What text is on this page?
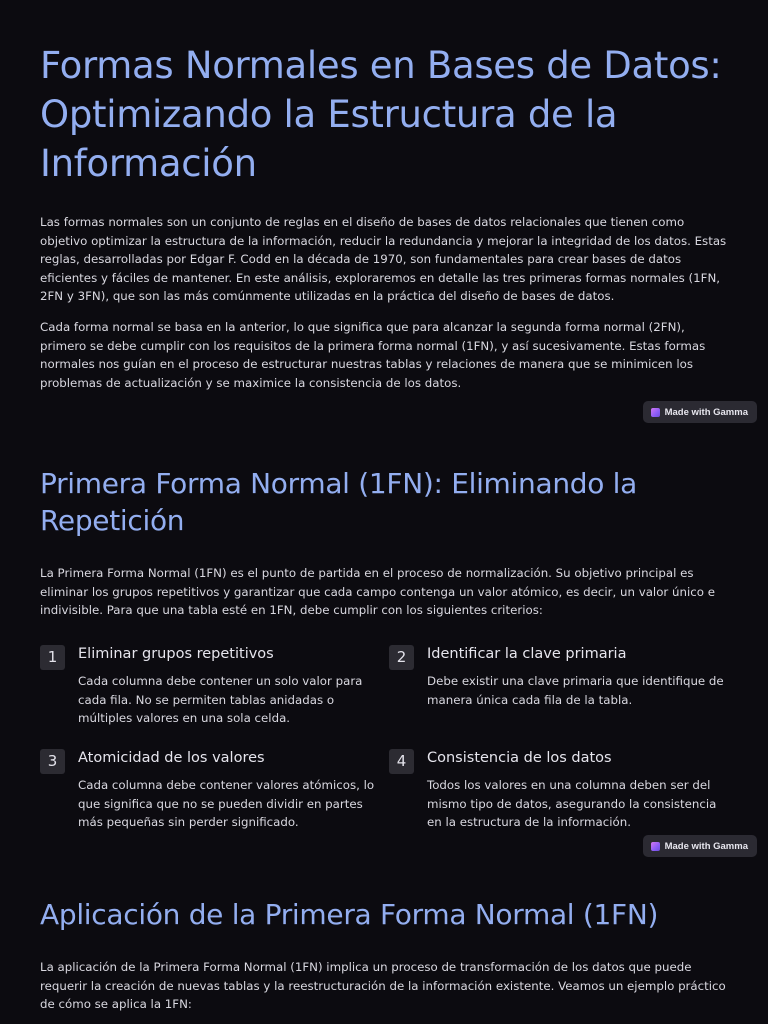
Formas Normales en Bases de Datos: Optimizando la Estructura de la Información

Las formas normales son un conjunto de reglas en el diseño de bases de datos relacionales que tienen como objetivo optimizar la estructura de la información, reducir la redundancia y mejorar la integridad de los datos. Estas reglas, desarrolladas por Edgar F. Codd en la década de 1970, son fundamentales para crear bases de datos eficientes y fáciles de mantener. En este análisis, exploraremos en detalle las tres primeras formas normales (1FN, 2FN y 3FN), que son las más comúnmente utilizadas en la práctica del diseño de bases de datos.

Cada forma normal se basa en la anterior, lo que significa que para alcanzar la segunda forma normal (2FN), primero se debe cumplir con los requisitos de la primera forma normal (1FN), y así sucesivamente. Estas formas normales nos guían en el proceso de estructurar nuestras tablas y relaciones de manera que se minimicen los problemas de actualización y se maximice la consistencia de los datos.

Made with Gamma
Primera Forma Normal (1FN): Eliminando la Repetición

La Primera Forma Normal (1FN) es el punto de partida en el proceso de normalización. Su objetivo principal es eliminar los grupos repetitivos y garantizar que cada campo contenga un valor atómico, es decir, un valor único e indivisible. Para que una tabla esté en 1FN, debe cumplir con los siguientes criterios:

1	Eliminar grupos repetitivos

Cada columna debe contener un solo valor para cada fila. No se permiten tablas anidadas o múltiples valores en una sola celda.

2	Identificar la clave primaria

Debe existir una clave primaria que identifique de manera única cada fila de la tabla.

3	Atomicidad de los valores

Cada columna debe contener valores atómicos, lo que significa que no se pueden dividir en partes más pequeñas sin perder significado.

4	Consistencia de los datos

Todos los valores en una columna deben ser del mismo tipo de datos, asegurando la consistencia en la estructura de la información.

Made with Gamma
Aplicación de la Primera Forma Normal (1FN)

La aplicación de la Primera Forma Normal (1FN) implica un proceso de transformación de los datos que puede requerir la creación de nuevas tablas y la reestructuración de la información existente. Veamos un ejemplo práctico de cómo se aplica la 1FN:
